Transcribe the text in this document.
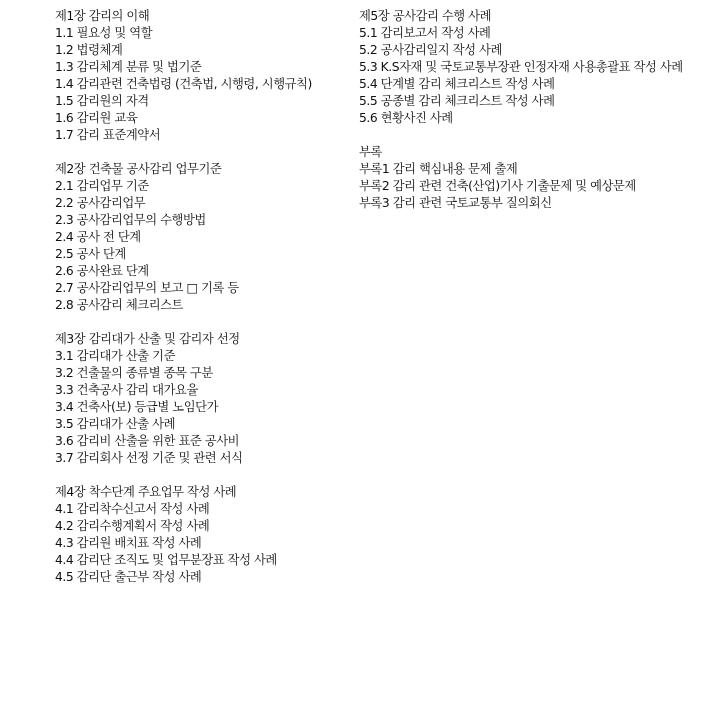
제1장 감리의 이해
1.1 필요성 및 역할
1.2 법령체계
1.3 감리체계 분류 및 법기준
1.4 감리관련 건축법령 (건축법, 시행령, 시행규칙)
1.5 감리원의 자격
1.6 감리원 교육
1.7 감리 표준계약서
제2장 건축물 공사감리 업무기준
2.1 감리업무 기준
2.2 공사감리업무
2.3 공사감리업무의 수행방법
2.4 공사 전 단계
2.5 공사 단계
2.6 공사완료 단계
2.7 공사감리업무의 보고 □ 기록 등
2.8 공사감리 체크리스트
제3장 감리대가 산출 및 감리자 선정
3.1 감리대가 산출 기준
3.2 건출물의 종류별 종목 구분
3.3 건축공사 감리 대가요율
3.4 건축사(보) 등급별 노임단가
3.5 감리대가 산출 사례
3.6 감리비 산출을 위한 표준 공사비
3.7 감리회사 선정 기준 및 관련 서식
제4장 착수단계 주요업무 작성 사례
4.1 감리착수신고서 작성 사례
4.2 감리수행계획서 작성 사례
4.3 감리원 배치표 작성 사례
4.4 감리단 조직도 및 업무분장표 작성 사례
4.5 감리단 출근부 작성 사례
제5장 공사감리 수행 사례
5.1 감리보고서 작성 사례
5.2 공사감리일지 작성 사례
5.3 K.S자재 및 국토교통부장관 인정자재 사용총괄표 작성 사례
5.4 단계별 감리 체크리스트 작성 사례
5.5 공종별 감리 체크리스트 작성 사례
5.6 현황사진 사례
부록
부록1 감리 핵심내용 문제 출제
부록2 감리 관련 건축(산업)기사 기출문제 및 예상문제
부록3 감리 관련 국토교통부 질의회신
